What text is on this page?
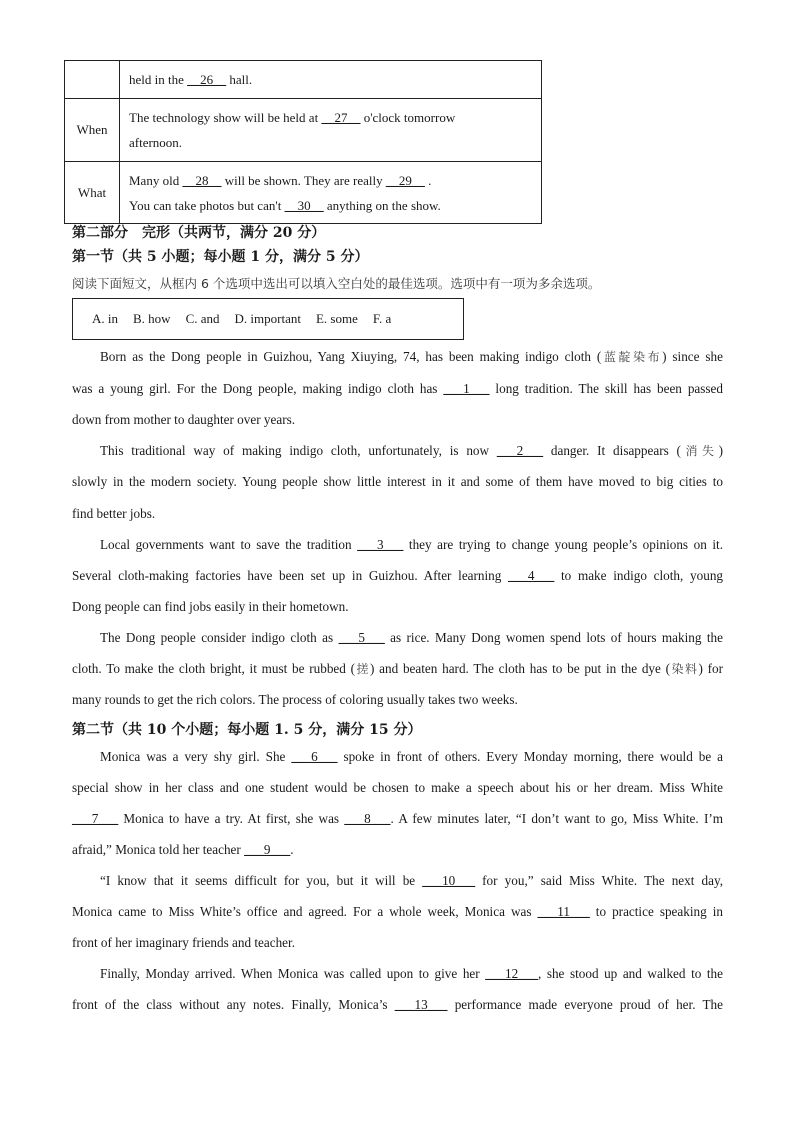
	held in the __26__ hall.

When	The technology show will be held at __27__ o'clock tomorrow
afternoon.

What	Many old __28__ will be shown. They are really __29__ .
You can take photos but can't __30__ anything on the show.
第二部分　完形（共两节，满分 20 分）
第一节（共 5 小题；每小题 1 分，满分 5 分）
阅读下面短文，从框内 6 个选项中选出可以填入空白处的最佳选项。选项中有一项为多余选项。
A. in B. how C. and D. important E. some F. a
Born as the Dong people in Guizhou, Yang Xiuying, 74, has been making indigo cloth (蓝靛染布) since she
was a young girl. For the Dong people, making indigo cloth has ___1___ long tradition. The skill has been passed
down from mother to daughter over years.
This traditional way of making indigo cloth, unfortunately, is now ___2___ danger. It disappears (消失)
slowly in the modern society. Young people show little interest in it and some of them have moved to big cities to
find better jobs.
Local governments want to save the tradition ___3___ they are trying to change young people’s opinions on it.
Several cloth-making factories have been set up in Guizhou. After learning ___4___ to make indigo cloth, young
Dong people can find jobs easily in their hometown.
The Dong people consider indigo cloth as ___5___ as rice. Many Dong women spend lots of hours making the
cloth. To make the cloth bright, it must be rubbed (搓) and beaten hard. The cloth has to be put in the dye (染料) for
many rounds to get the rich colors. The process of coloring usually takes two weeks.
第二节（共 10 个小题；每小题 1. 5 分，满分 15 分）
Monica was a very shy girl. She ___6___ spoke in front of others. Every Monday morning, there would be a
special show in her class and one student would be chosen to make a speech about his or her dream. Miss White
___7___ Monica to have a try. At first, she was ___8___. A few minutes later, “I don’t want to go, Miss White. I’m
afraid,” Monica told her teacher ___9___.
“I know that it seems difficult for you, but it will be ___10___ for you,” said Miss White. The next day,
Monica came to Miss White’s office and agreed. For a whole week, Monica was ___11___ to practice speaking in
front of her imaginary friends and teacher.
Finally, Monday arrived. When Monica was called upon to give her ___12___, she stood up and walked to the
front of the class without any notes. Finally, Monica’s ___13___ performance made everyone proud of her. The
